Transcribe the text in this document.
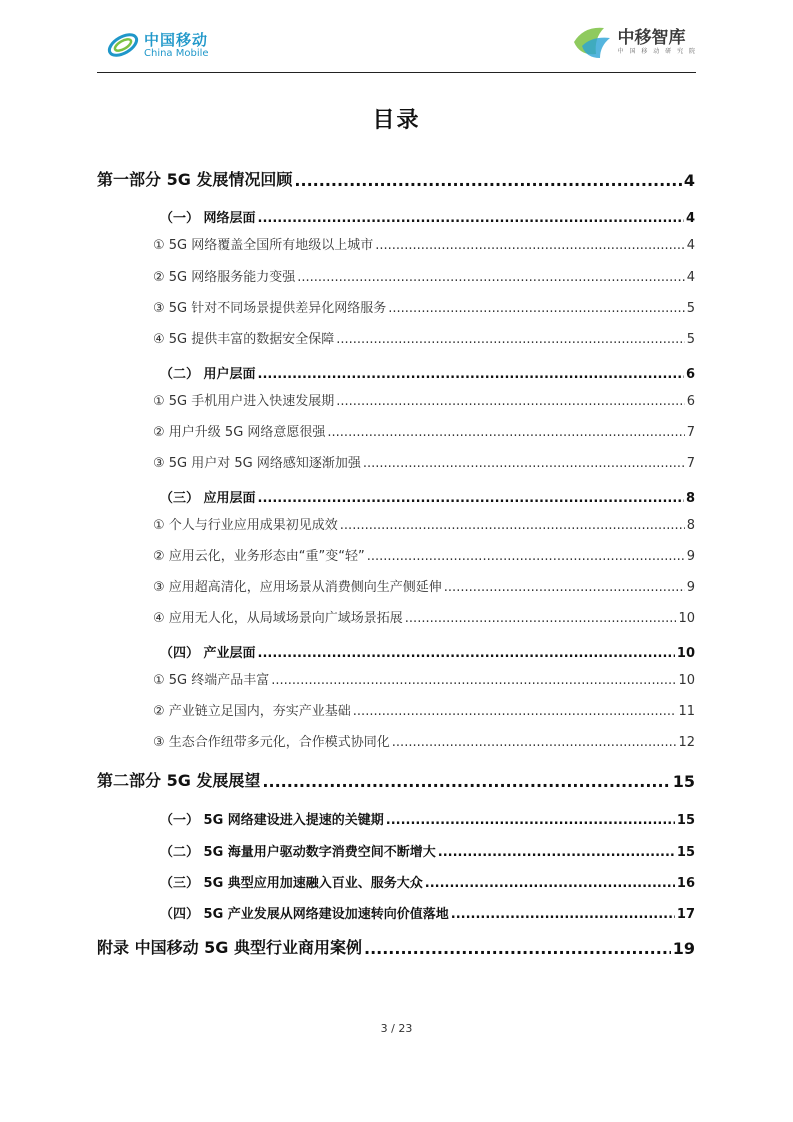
中国移动
China Mobile
中移智库
中 国 移 动 研 究 院
目录
第一部分 5G 发展情况回顾 .....	4
（一） 网络层面 .....	4
① 5G 网络覆盖全国所有地级以上城市 .....	4
② 5G 网络服务能力变强 .....	4
③ 5G 针对不同场景提供差异化网络服务 .....	5
④ 5G 提供丰富的数据安全保障 .....	5
（二） 用户层面 .....	6
① 5G 手机用户进入快速发展期 .....	6
② 用户升级 5G 网络意愿很强 .....	7
③ 5G 用户对 5G 网络感知逐渐加强 .....	7
（三） 应用层面 .....	8
① 个人与行业应用成果初见成效 .....	8
② 应用云化，业务形态由“重”变“轻” .....	9
③ 应用超高清化，应用场景从消费侧向生产侧延伸 .....	9
④ 应用无人化，从局域场景向广域场景拓展 .....	10
（四） 产业层面 .....	10
① 5G 终端产品丰富 .....	10
② 产业链立足国内，夯实产业基础 .....	11
③ 生态合作纽带多元化，合作模式协同化 .....	12
第二部分 5G 发展展望 .....	15
（一） 5G 网络建设进入提速的关键期 .....	15
（二） 5G 海量用户驱动数字消费空间不断增大 .....	15
（三） 5G 典型应用加速融入百业、服务大众 .....	16
（四） 5G 产业发展从网络建设加速转向价值落地 .....	17
附录 中国移动 5G 典型行业商用案例 .....	19
3 / 23
